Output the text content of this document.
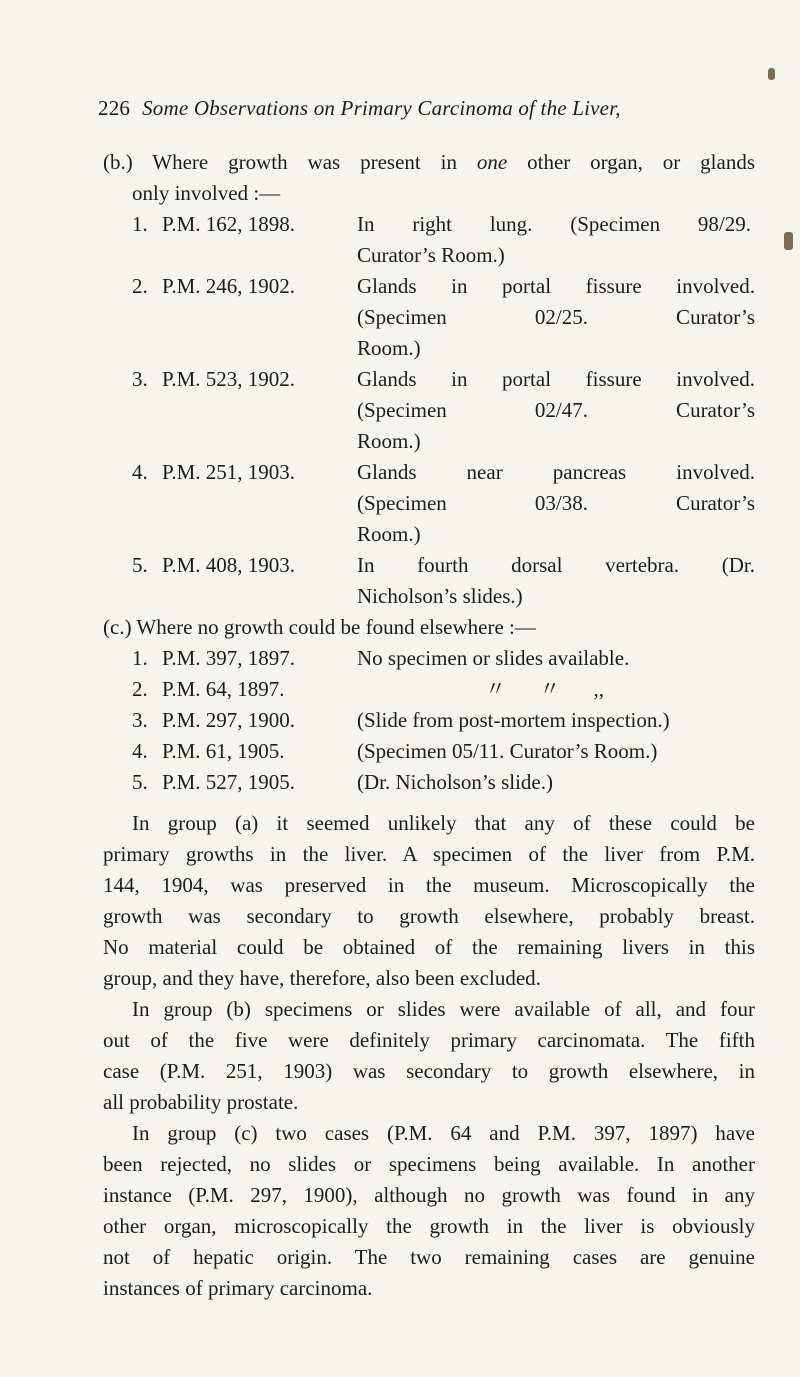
226 Some Observations on Primary Carcinoma of the Liver,
(b.) Where growth was present in one other organ, or glands
only involved :—
1. P.M. 162, 1898.	In right lung. (Specimen 98/29.
Curator’s Room.)
2. P.M. 246, 1902.	Glands in portal fissure involved.
(Specimen 02/25. Curator’s
Room.)
3. P.M. 523, 1902.	Glands in portal fissure involved.
(Specimen 02/47. Curator’s
Room.)
4. P.M. 251, 1903.	Glands near pancreas involved.
(Specimen 03/38. Curator’s
Room.)
5. P.M. 408, 1903.	In fourth dorsal vertebra. (Dr.
Nicholson’s slides.)
(c.) Where no growth could be found elsewhere :—
1. P.M. 397, 1897.	No specimen or slides available.
2. P.M. 64, 1897.	〃 〃 ,,
3. P.M. 297, 1900.	(Slide from post-mortem inspection.)
4. P.M. 61, 1905.	(Specimen 05/11. Curator’s Room.)
5. P.M. 527, 1905.	(Dr. Nicholson’s slide.)
In group (a) it seemed unlikely that any of these could be
primary growths in the liver. A specimen of the liver from P.M.
144, 1904, was preserved in the museum. Microscopically the
growth was secondary to growth elsewhere, probably breast.
No material could be obtained of the remaining livers in this
group, and they have, therefore, also been excluded.
In group (b) specimens or slides were available of all, and four
out of the five were definitely primary carcinomata. The fifth
case (P.M. 251, 1903) was secondary to growth elsewhere, in
all probability prostate.
In group (c) two cases (P.M. 64 and P.M. 397, 1897) have
been rejected, no slides or specimens being available. In another
instance (P.M. 297, 1900), although no growth was found in any
other organ, microscopically the growth in the liver is obviously
not of hepatic origin. The two remaining cases are genuine
instances of primary carcinoma.
